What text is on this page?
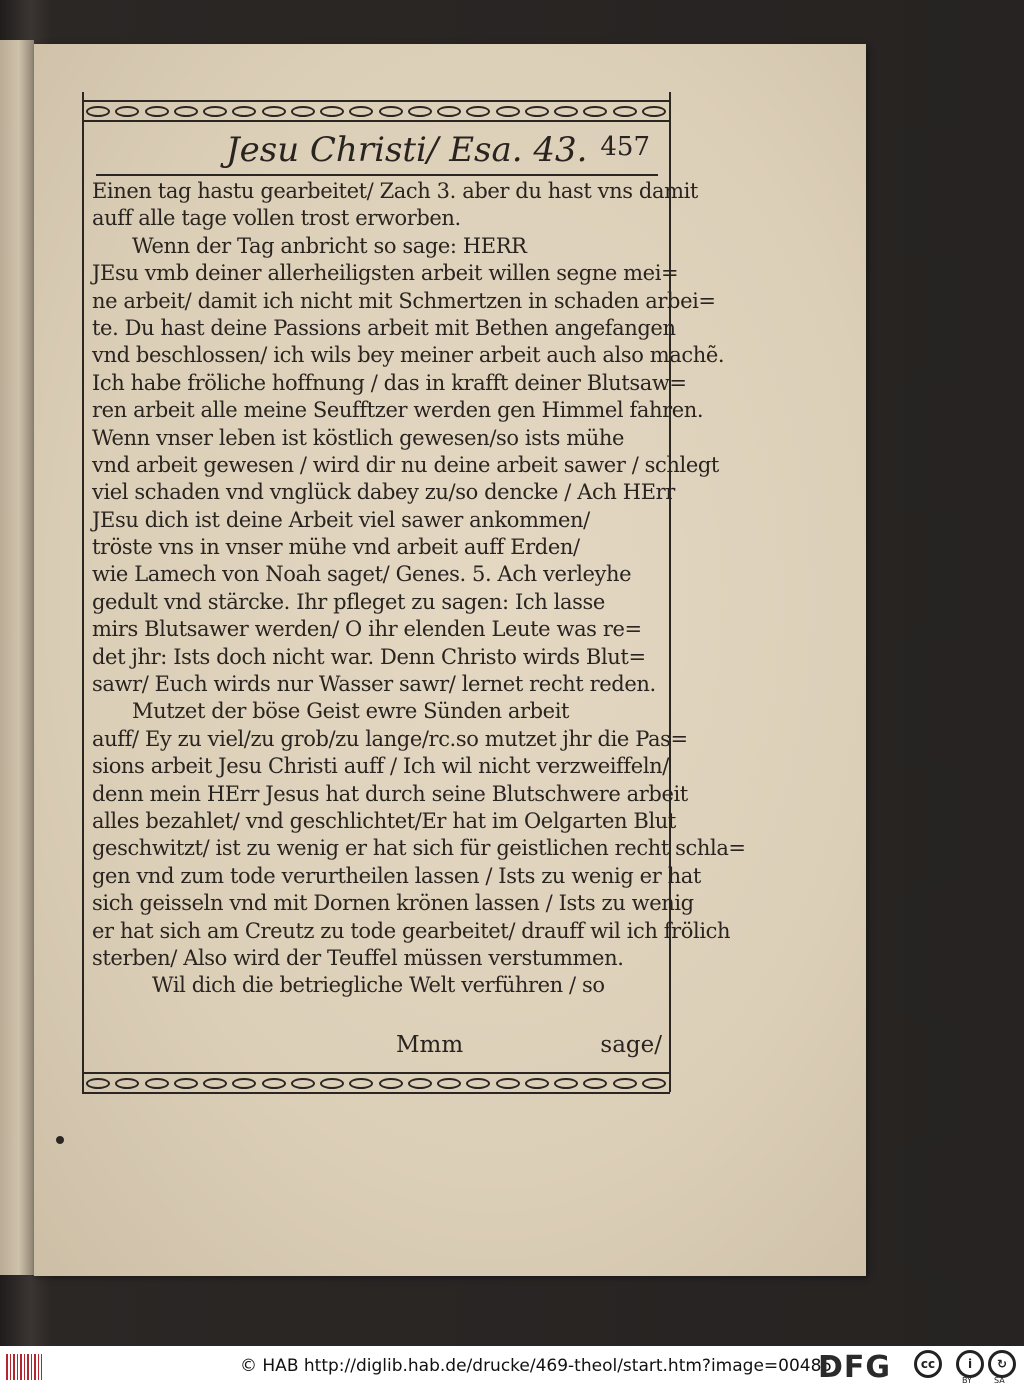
Jesu Christi/ Esa. 43. 457
Einen tag hastu gearbeitet/ Zach 3. aber du hast vns damit
auff alle tage vollen trost erworben.
Wenn der Tag anbricht so sage: HERR
JEsu vmb deiner allerheiligsten arbeit willen segne mei=
ne arbeit/ damit ich nicht mit Schmertzen in schaden arbei=
te. Du hast deine Passions arbeit mit Bethen angefangen
vnd beschlossen/ ich wils bey meiner arbeit auch also machẽ.
Ich habe fröliche hoffnung / das in krafft deiner Blutsaw=
ren arbeit alle meine Seufftzer werden gen Himmel fahren.
Wenn vnser leben ist köstlich gewesen/so ists mühe
vnd arbeit gewesen / wird dir nu deine arbeit sawer / schlegt
viel schaden vnd vnglück dabey zu/so dencke / Ach HErr
JEsu dich ist deine Arbeit viel sawer ankommen/
tröste vns in vnser mühe vnd arbeit auff Erden/
wie Lamech von Noah saget/ Genes. 5. Ach verleyhe
gedult vnd stärcke. Ihr pfleget zu sagen: Ich lasse
mirs Blutsawer werden/ O ihr elenden Leute was re=
det jhr: Ists doch nicht war. Denn Christo wirds Blut=
sawr/ Euch wirds nur Wasser sawr/ lernet recht reden.
Mutzet der böse Geist ewre Sünden arbeit
auff/ Ey zu viel/zu grob/zu lange/rc.so mutzet jhr die Pas=
sions arbeit Jesu Christi auff / Ich wil nicht verzweiffeln/
denn mein HErr Jesus hat durch seine Blutschwere arbeit
alles bezahlet/ vnd geschlichtet/Er hat im Oelgarten Blut
geschwitzt/ ist zu wenig er hat sich für geistlichen recht schla=
gen vnd zum tode verurtheilen lassen / Ists zu wenig er hat
sich geisseln vnd mit Dornen krönen lassen / Ists zu wenig
er hat sich am Creutz zu tode gearbeitet/ drauff wil ich frölich
sterben/ Also wird der Teuffel müssen verstummen.
Wil dich die betriegliche Welt verführen / so
Mmm	sage/
© HAB http://diglib.hab.de/drucke/469-theol/start.htm?image=00485
DFG	cc	i
BY
↻
SA
